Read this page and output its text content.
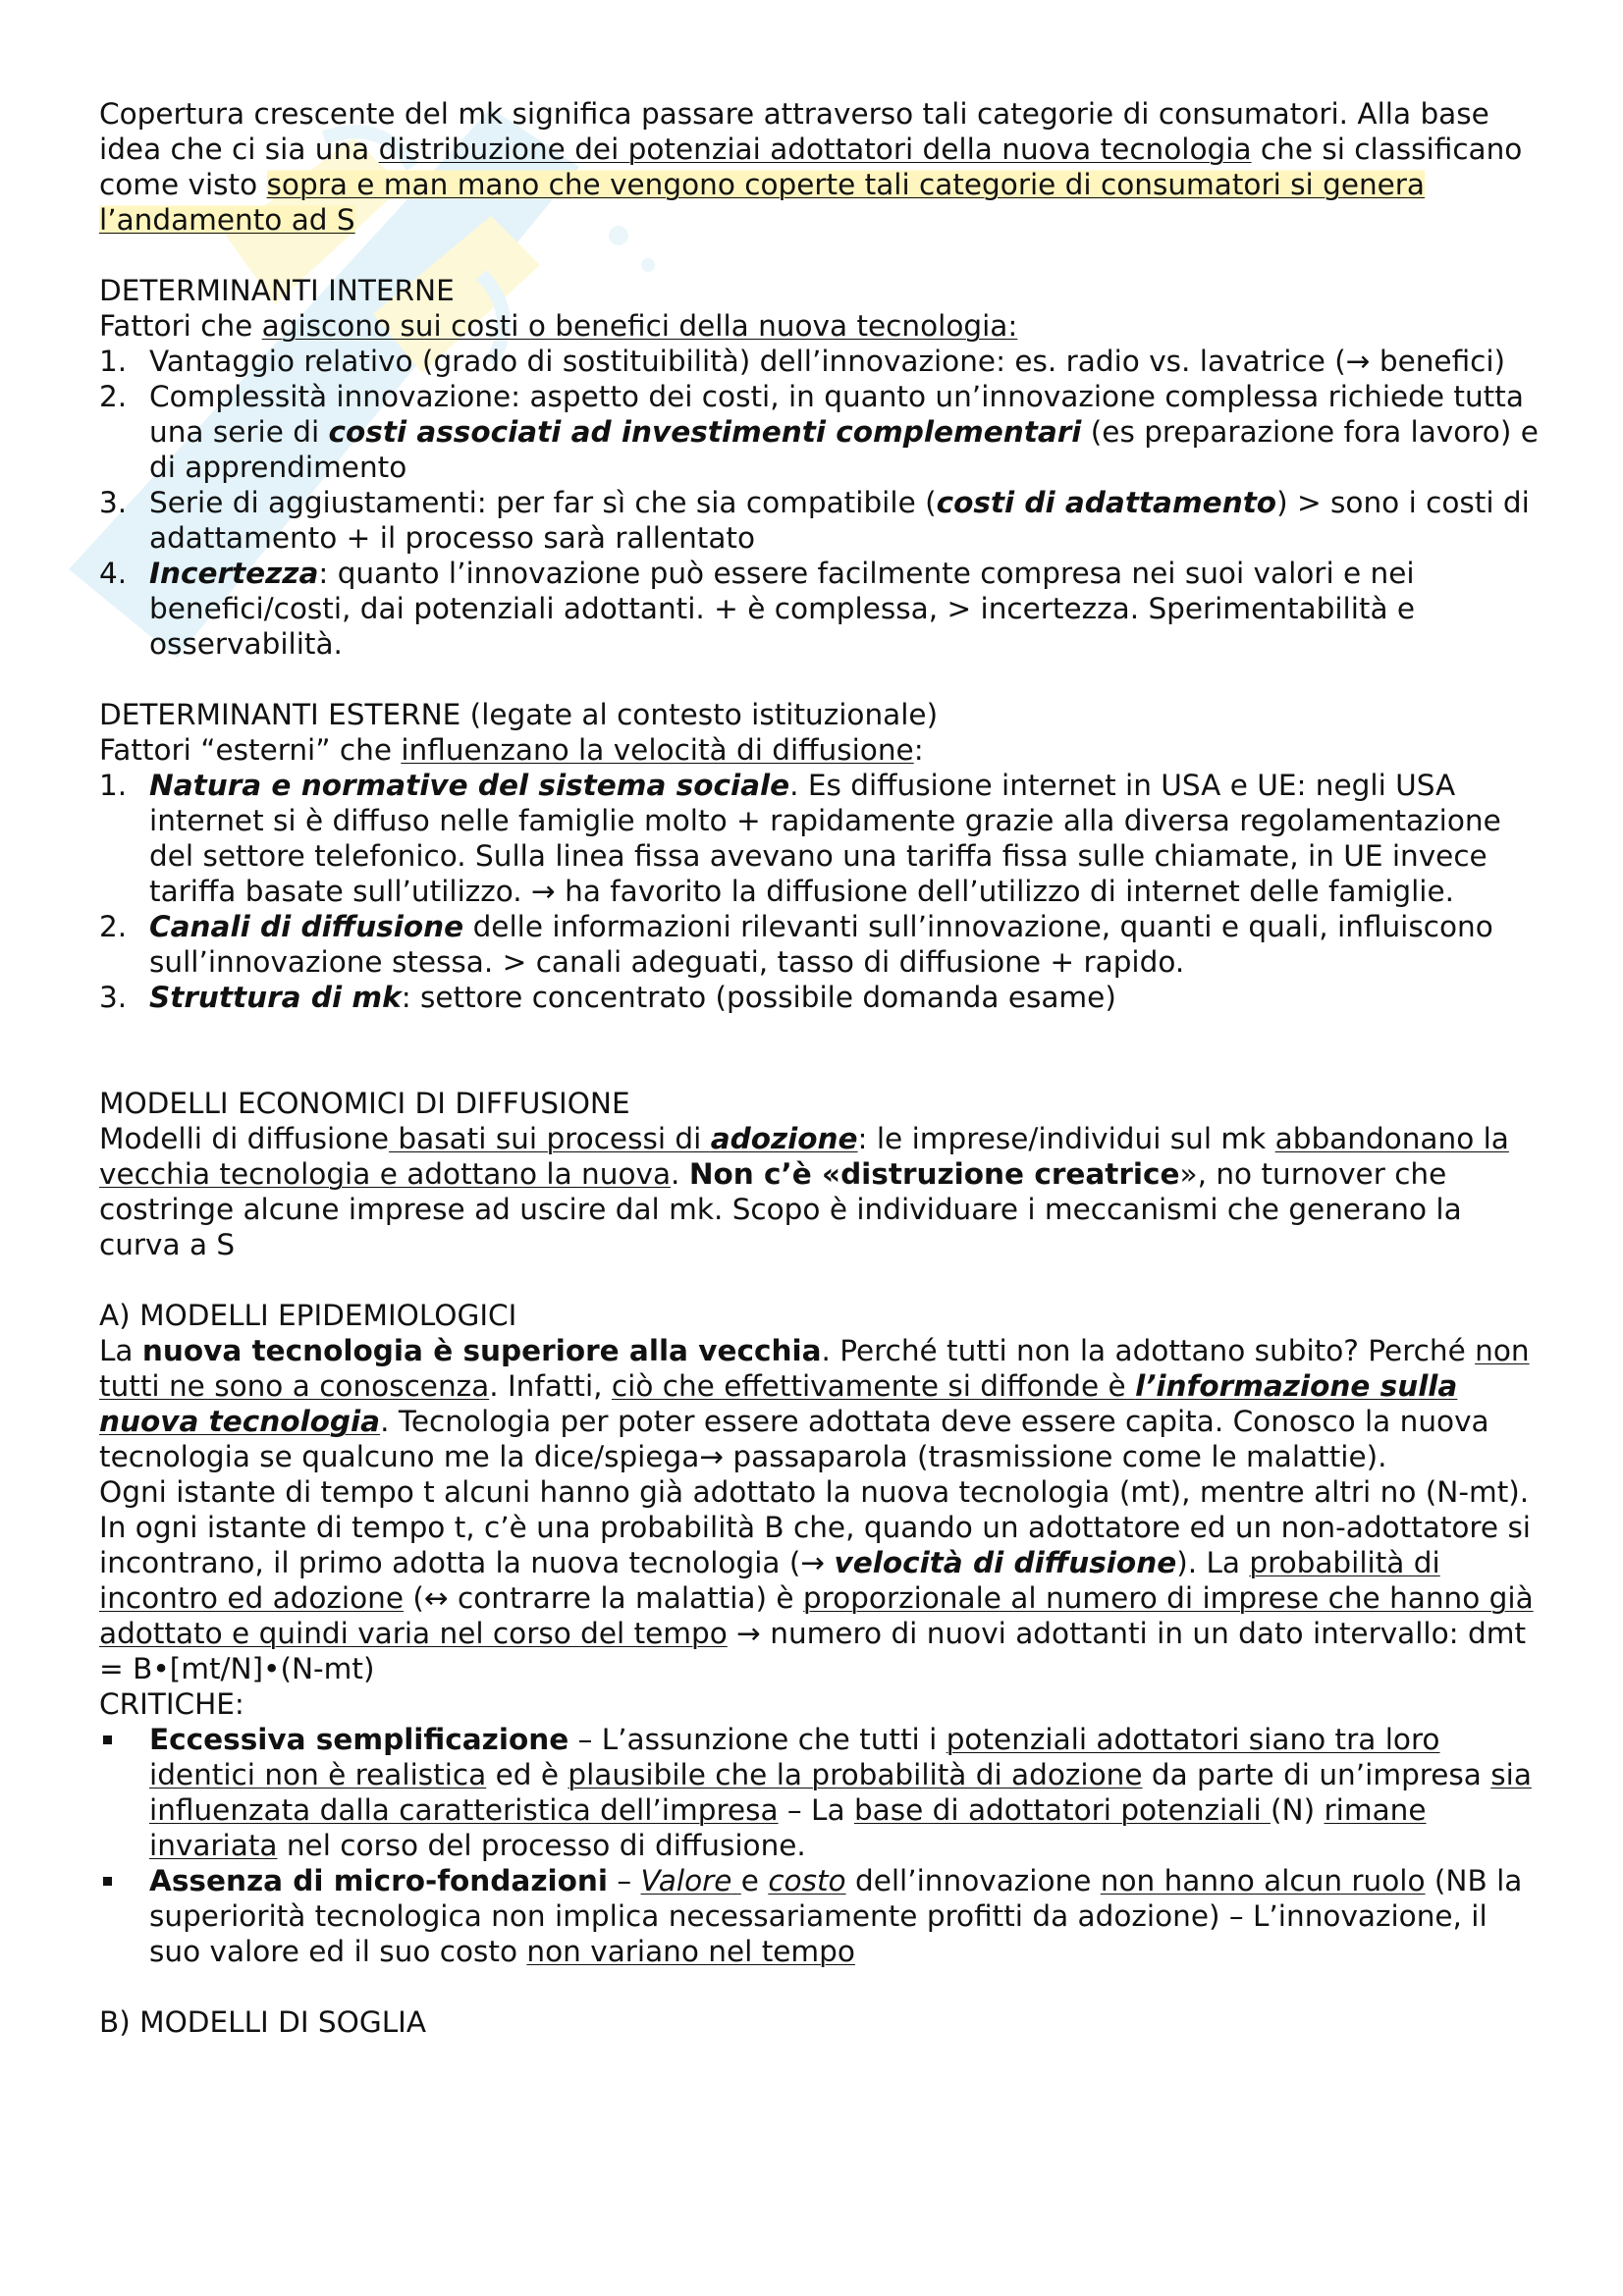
Copertura crescente del mk significa passare attraverso tali categorie di consumatori. Alla base idea che ci sia una distribuzione dei potenziai adottatori della nuova tecnologia che si classificano come visto sopra e man mano che vengono coperte tali categorie di consumatori si genera l’andamento ad S

DETERMINANTI INTERNE

Fattori che agiscono sui costi o benefici della nuova tecnologia:

1. Vantaggio relativo (grado di sostituibilità) dell’innovazione: es. radio vs. lavatrice (→ benefici)
2. Complessità innovazione: aspetto dei costi, in quanto un’innovazione complessa richiede tutta una serie di costi associati ad investimenti complementari (es preparazione fora lavoro) e di apprendimento
3. Serie di aggiustamenti: per far sì che sia compatibile (costi di adattamento) > sono i costi di adattamento + il processo sarà rallentato
4. Incertezza: quanto l’innovazione può essere facilmente compresa nei suoi valori e nei benefici/costi, dai potenziali adottanti. + è complessa, > incertezza. Sperimentabilità e osservabilità.

DETERMINANTI ESTERNE (legate al contesto istituzionale)

Fattori “esterni” che influenzano la velocità di diffusione:

1. Natura e normative del sistema sociale. Es diffusione internet in USA e UE: negli USA internet si è diffuso nelle famiglie molto + rapidamente grazie alla diversa regolamentazione del settore telefonico. Sulla linea fissa avevano una tariffa fissa sulle chiamate, in UE invece tariffa basate sull’utilizzo. → ha favorito la diffusione dell’utilizzo di internet delle famiglie.
2. Canali di diffusione delle informazioni rilevanti sull’innovazione, quanti e quali, influiscono sull’innovazione stessa. > canali adeguati, tasso di diffusione + rapido.
3. Struttura di mk: settore concentrato (possibile domanda esame)

MODELLI ECONOMICI DI DIFFUSIONE

Modelli di diffusione basati sui processi di adozione: le imprese/individui sul mk abbandonano la vecchia tecnologia e adottano la nuova. Non c’è «distruzione creatrice», no turnover che costringe alcune imprese ad uscire dal mk. Scopo è individuare i meccanismi che generano la curva a S

A) MODELLI EPIDEMIOLOGICI

La nuova tecnologia è superiore alla vecchia. Perché tutti non la adottano subito? Perché non tutti ne sono a conoscenza. Infatti, ciò che effettivamente si diffonde è l’informazione sulla nuova tecnologia. Tecnologia per poter essere adottata deve essere capita. Conosco la nuova tecnologia se qualcuno me la dice/spiega→ passaparola (trasmissione come le malattie).

Ogni istante di tempo t alcuni hanno già adottato la nuova tecnologia (mt), mentre altri no (N-mt). In ogni istante di tempo t, c’è una probabilità B che, quando un adottatore ed un non-adottatore si incontrano, il primo adotta la nuova tecnologia (→ velocità di diffusione). La probabilità di incontro ed adozione (↔ contrarre la malattia) è proporzionale al numero di imprese che hanno già adottato e quindi varia nel corso del tempo → numero di nuovi adottanti in un dato intervallo: dmt = B•[mt/N]•(N-mt)

CRITICHE:

Eccessiva semplificazione – L’assunzione che tutti i potenziali adottatori siano tra loro identici non è realistica ed è plausibile che la probabilità di adozione da parte di un’impresa sia influenzata dalla caratteristica dell’impresa – La base di adottatori potenziali (N) rimane invariata nel corso del processo di diffusione.
Assenza di micro-fondazioni – Valore e costo dell’innovazione non hanno alcun ruolo (NB la superiorità tecnologica non implica necessariamente profitti da adozione) – L’innovazione, il suo valore ed il suo costo non variano nel tempo

B) MODELLI DI SOGLIA
